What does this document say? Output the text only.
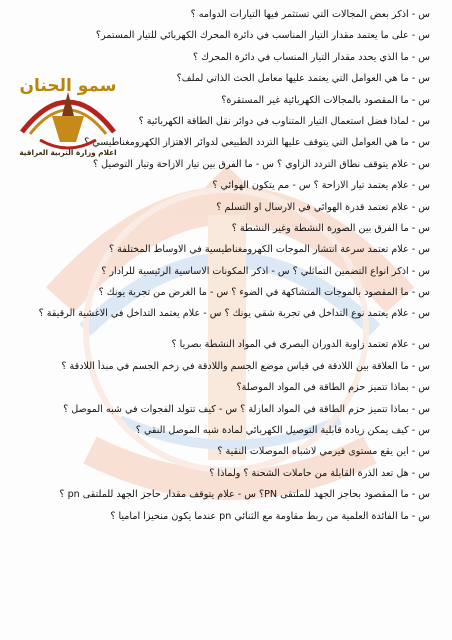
سمو الحنان
اعلام وزارة التربية العراقية
س - اذكر بعض المجالات التي تستثمر فيها التيارات الدوامه ؟
س - على ما يعتمد مقدار التيار المناسب في دائرة المحرك الكهربائي للتيار المستمر؟
س - ما الذي يحدد مقدار التيار المنساب في دائرة المحرك ؟
س - ما هي العوامل التي يعتمد عليها معامل الحث الذاتي لملف؟
س - ما المقصود بالمجالات الكهربائية غير المستقرة؟
س - لماذا فضل استعمال التيار المتناوب في دوائر نقل الطاقة الكهربائية ؟
س - ما هي العوامل التي يتوقف عليها التردد الطبيعي لدوائر الاهتزاز الكهرومغناطيسي ؟
س - علام يتوقف نطاق التردد الزاوي ؟ س - ما الفرق بين تيار الازاحة وتيار التوصيل ؟
س - علام يعتمد تيار الازاحة ؟ س - مم يتكون الهوائي ؟
س - علام تعتمد قدرة الهوائي في الارسال او التسلم ؟
س - ما الفرق بين الصورة النشطة وغير النشطة ؟
س - علام تعتمد سرعة انتشار الموجات الكهرومغناطيسية في الاوساط المختلفة ؟
س - اذكر انواع التضمين التماثلي ؟ س - اذكر المكونات الاساسية الرئيسية للرادار ؟
س - ما المقصود بالموجات المتشاكهة في الضوء ؟ س - ما الغرض من تجربة يونك ؟
س - علام يعتمد نوع التداخل في تجربة شقي يونك ؟ س - علام يعتمد التداخل في الاغشية الرقيقة ؟
س - علام تعتمد زاوية الدوران البصري في المواد النشطة بصريا ؟
س - ما العلاقة بين اللادقة في قياس موضع الجسم واللادقة في زخم الجسم في مبدأ اللادقة ؟
س - بماذا تتميز حزم الطاقة في المواد الموصلة؟
س - بماذا تتميز حزم الطاقة في المواد العازلة ؟ س - كيف تتولد الفجوات في شبه الموصل ؟
س - كيف يمكن زيادة قابلية التوصيل الكهربائي لمادة شبه الموصل النقي ؟
س - اين يقع مستوى فيرمي لاشباه الموصلات النقية ؟
س - هل تعد الذرة القابلة من حاملات الشحنة ؟ ولماذا ؟
س - ما المقصود بحاجز الجهد للملتقى PN؟ س - علام يتوقف مقدار حاجز الجهد للملتقى pn ؟
س - ما الفائدة العلمية من ربط مقاومة مع الثنائي pn عندما يكون منحيزا اماميا ؟
